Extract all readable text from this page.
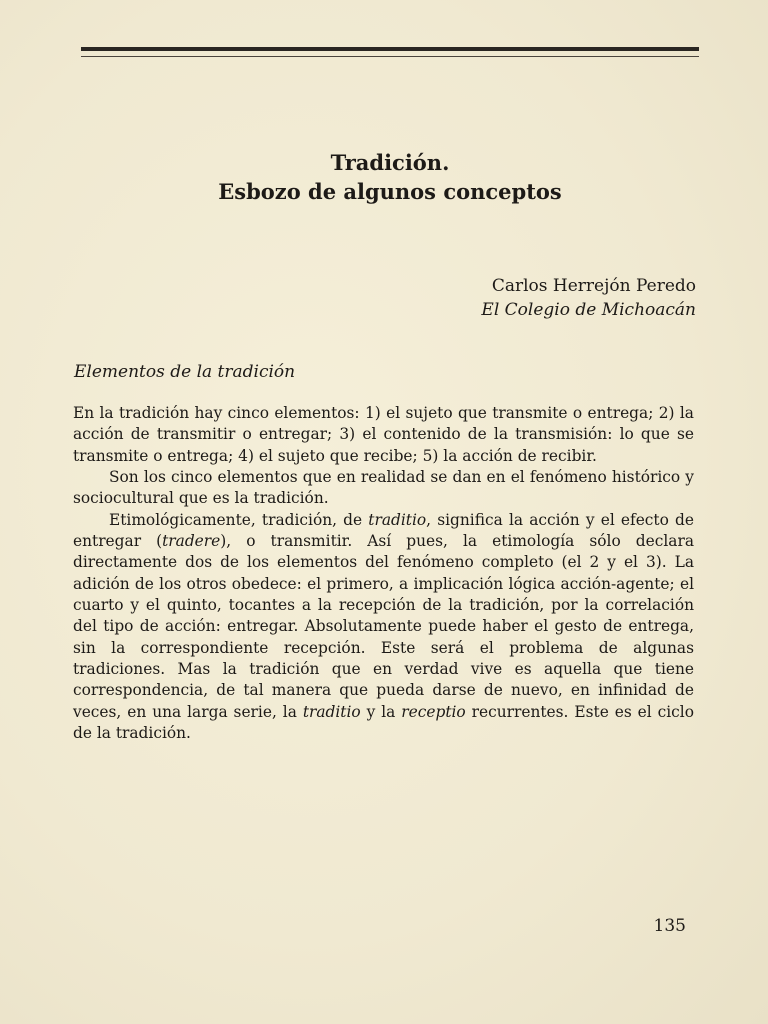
Tradición.
Esbozo de algunos conceptos
Carlos Herrejón Peredo
El Colegio de Michoacán
Elementos de la tradición

En la tradición hay cinco elementos: 1) el sujeto que transmite o entrega; 2) la acción de transmitir o entregar; 3) el contenido de la transmisión: lo que se transmite o entrega; 4) el sujeto que recibe; 5) la acción de recibir.

Son los cinco elementos que en realidad se dan en el fenómeno histórico y sociocultural que es la tradición.

Etimológicamente, tradición, de traditio, significa la acción y el efecto de entregar (tradere), o transmitir. Así pues, la etimología sólo declara directamente dos de los elementos del fenómeno completo (el 2 y el 3). La adición de los otros obedece: el primero, a implicación lógica acción-agente; el cuarto y el quinto, tocantes a la recepción de la tradición, por la correlación del tipo de acción: entregar. Absolutamente puede haber el gesto de entrega, sin la correspondiente recepción. Este será el problema de algunas tradiciones. Mas la tradición que en verdad vive es aquella que tiene correspondencia, de tal manera que pueda darse de nuevo, en infinidad de veces, en una larga serie, la traditio y la receptio recurrentes. Este es el ciclo de la tradición.

135
